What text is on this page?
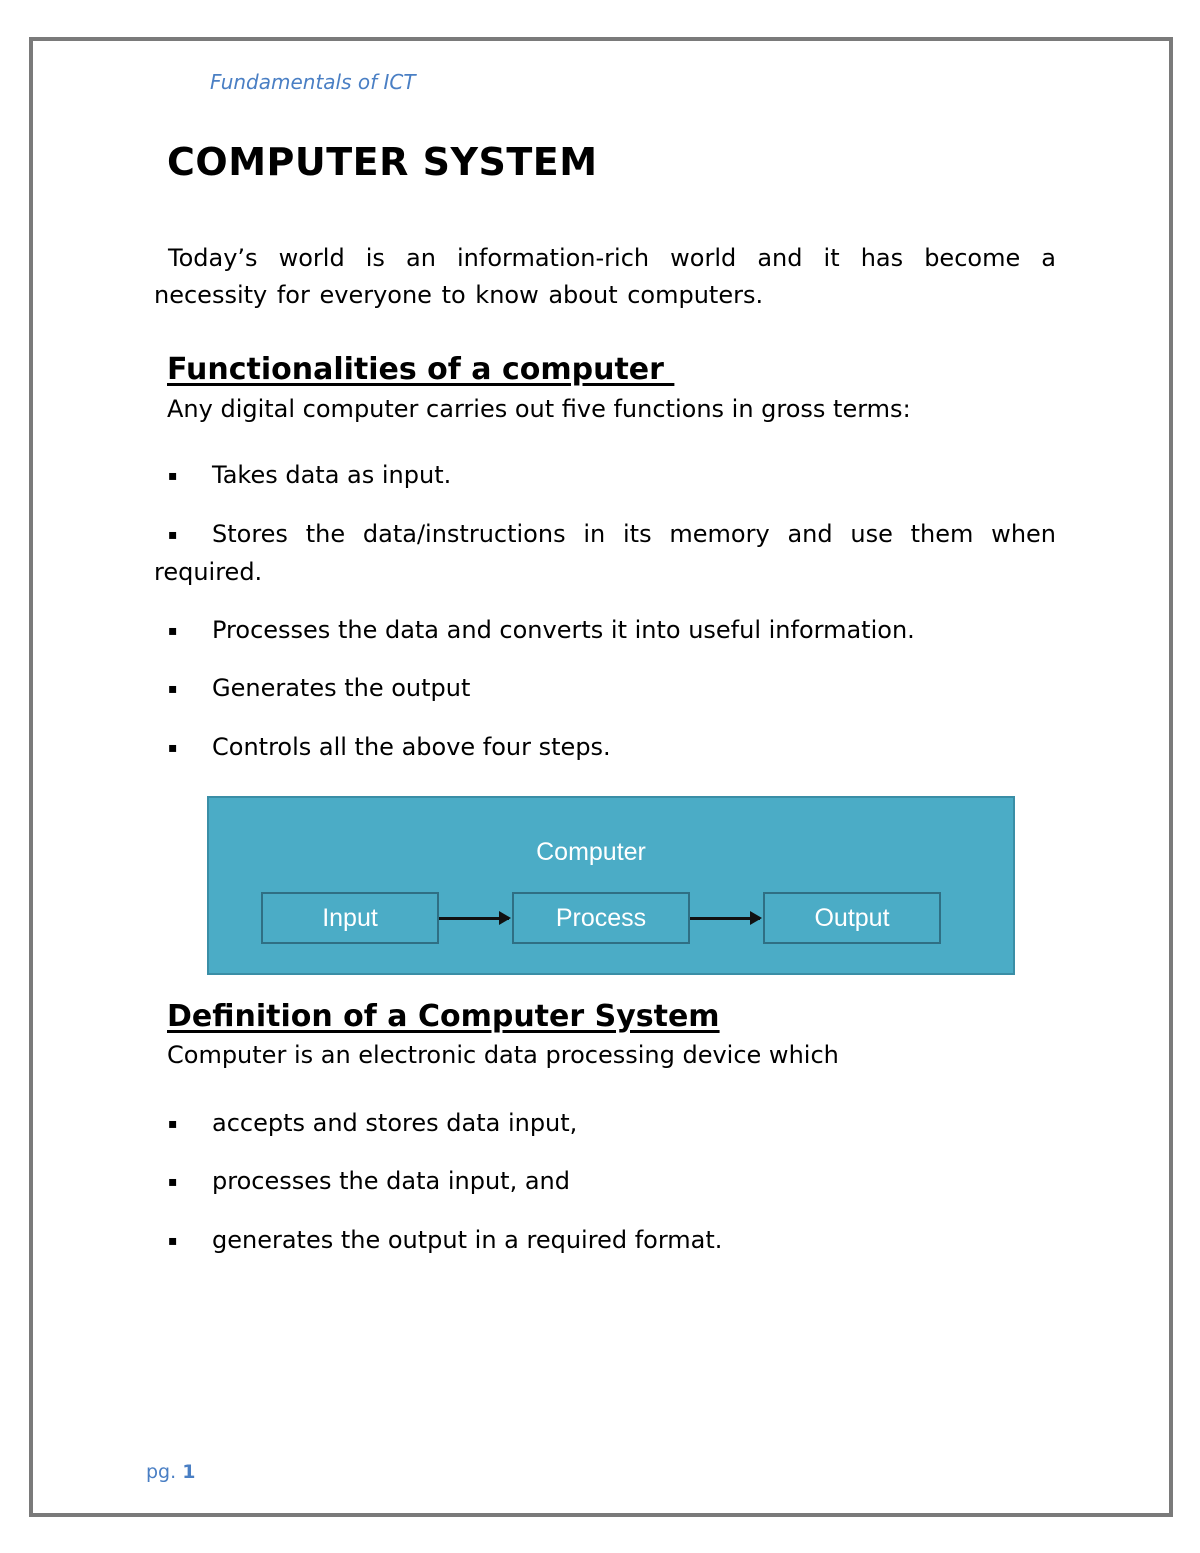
Fundamentals of ICT
COMPUTER SYSTEM

Today’s world is an information-rich world and it has become a necessity for everyone to know about computers.

Functionalities of a computer

Any digital computer carries out five functions in gross terms:

▪ Takes data as input.

▪ Stores the data/instructions in its memory and use them when required.

▪ Processes the data and converts it into useful information.

▪ Generates the output

▪ Controls all the above four steps.

Computer
Input	Process	Output
Definition of a Computer System

Computer is an electronic data processing device which

▪ accepts and stores data input,

▪ processes the data input, and

▪ generates the output in a required format.

pg. 1
